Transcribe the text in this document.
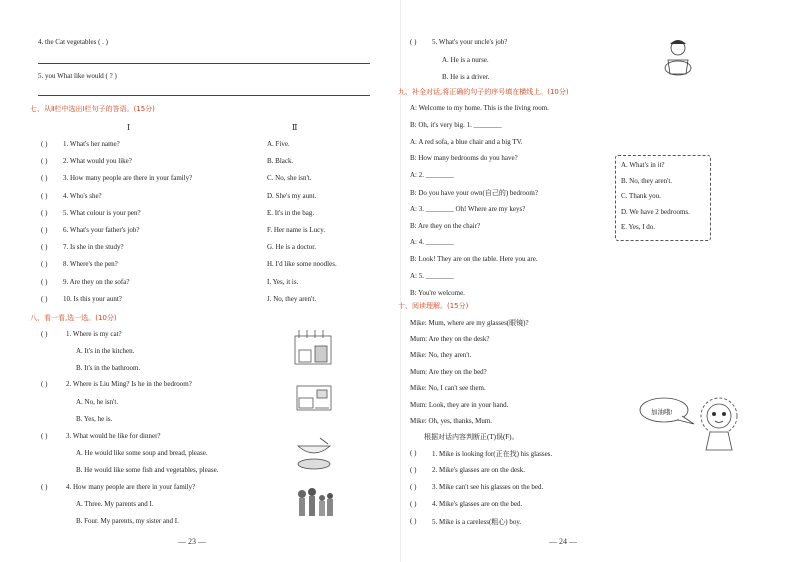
4. the Cat vegetables ( . )
5. you What like would ( ? )
七、从Ⅱ栏中选出Ⅰ栏句子的答语。(15分)
Ⅰ	Ⅱ
( ) 1. What's her name?	A. Five.
( ) 2. What would you like?	B. Black.
( ) 3. How many people are there in your family?	C. No, she isn't.
( ) 4. Who's she?	D. She's my aunt.
( ) 5. What colour is your pen?	E. It's in the bag.
( ) 6. What's your father's job?	F. Her name is Lucy.
( ) 7. Is she in the study?	G. He is a doctor.
( ) 8. Where's the pen?	H. I'd like some noodles.
( ) 9. Are they on the sofa?	I. Yes, it is.
( ) 10. Is this your aunt?	J. No, they aren't.
八、看一看,选一选。(10分)
( )	1. Where is my cat?
A. It's in the kitchen.
B. It's in the bathroom.
( )	2. Where is Liu Ming? Is he in the bedroom?
A. No, he isn't.
B. Yes, he is.
( )	3. What would he like for dinner?
A. He would like some soup and bread, please.
B. He would like some fish and vegetables, please.
( )	4. How many people are there in your family?
A. Three. My parents and I.
B. Four. My parents, my sister and I.
— 23 —
( ) 5. What's your uncle's job?
A. He is a nurse.
B. He is a driver.
九、补全对话,将正确的句子的序号填在横线上。(10分)
A: Welcome to my home. This is the living room.
B: Oh, it's very big. 1. ________
A: A red sofa, a blue chair and a big TV.
B: How many bedrooms do you have?
A: 2. ________
B: Do you have your own(自己的) bedroom?
A: 3. ________ Oh! Where are my keys?
B: Are they on the chair?
A: 4. ________
B: Look! They are on the table. Here you are.
A: 5. ________
B: You're welcome.
A. What's in it?
B. No, they aren't.
C. Thank you.
D. We have 2 bedrooms.
E. Yes, I do.
十、阅读理解。(15分)
Mike: Mum, where are my glasses(眼镜)?
Mum: Are they on the desk?
Mike: No, they aren't.
Mum: Are they on the bed?
Mike: No, I can't see them.
Mum: Look, they are in your hand.
Mike: Oh, yes, thanks, Mum.
根据对话内容判断正(T)误(F)。
( ) 1. Mike is looking for(正在找) his glasses.
( ) 2. Mike's glasses are on the desk.
( ) 3. Mike can't see his glasses on the bed.
( ) 4. Mike's glasses are on the bed.
( ) 5. Mike is a careless(粗心) boy.
加油哦!
— 24 —
